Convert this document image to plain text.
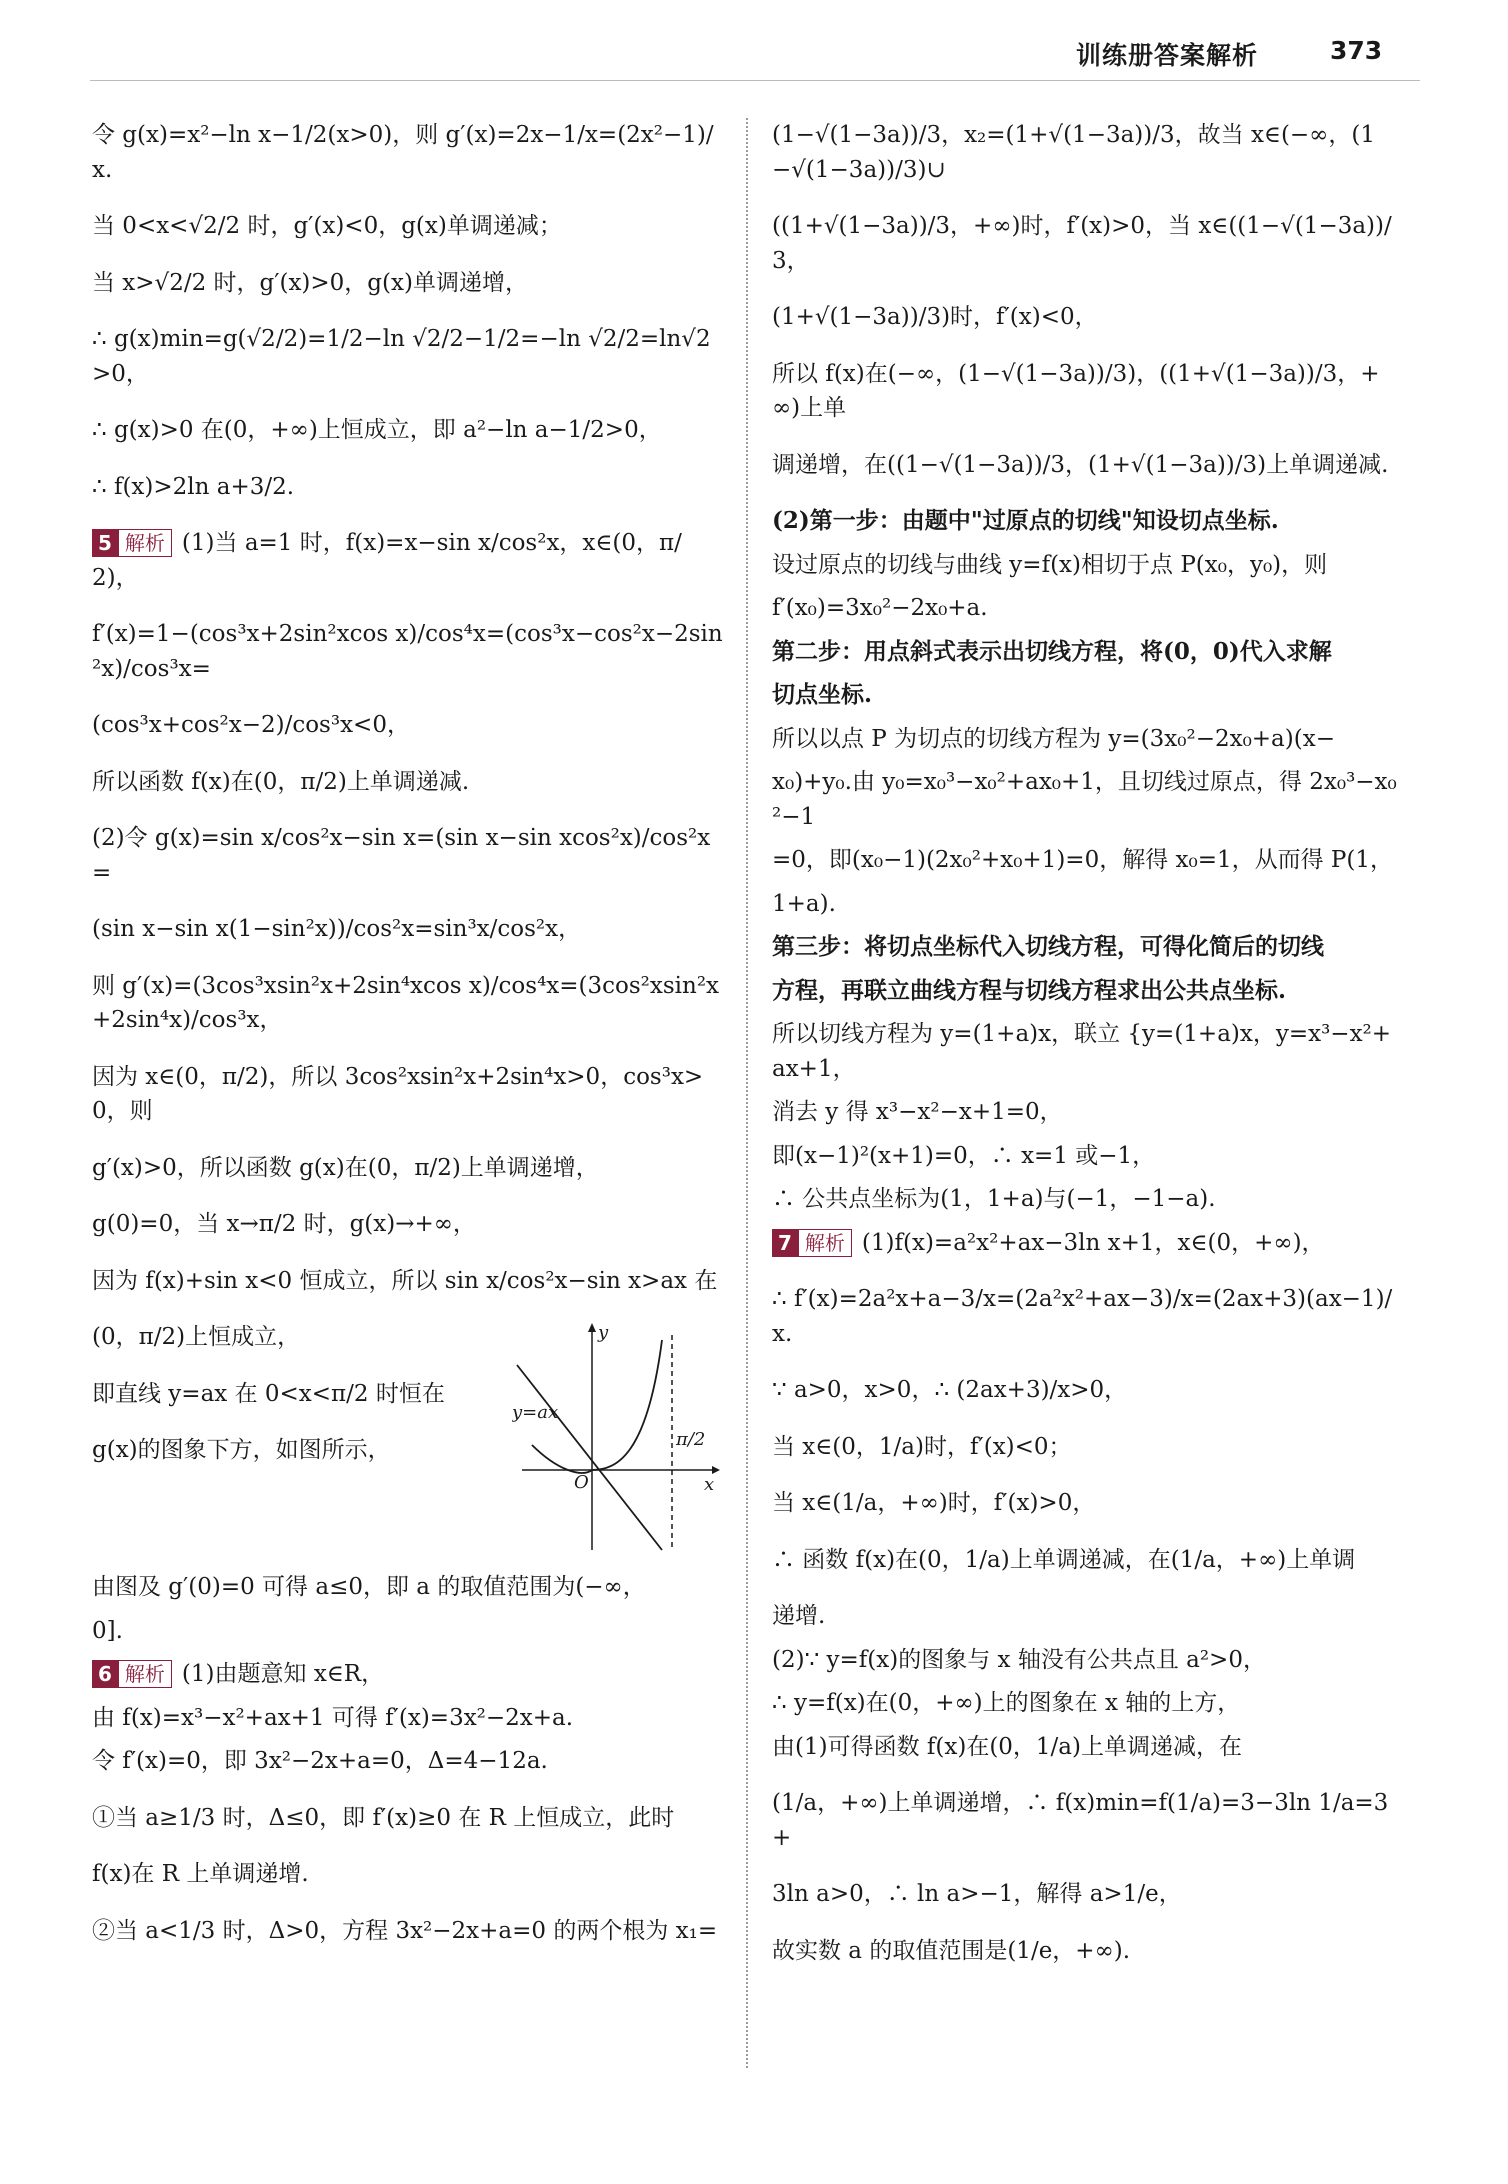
训练册答案解析	373

令 g(x)=x²−ln x−1/2(x>0)，则 g′(x)=2x−1/x=(2x²−1)/x.

当 0<x<√2/2 时，g′(x)<0，g(x)单调递减；

当 x>√2/2 时，g′(x)>0，g(x)单调递增，

∴ g(x)min=g(√2/2)=1/2−ln √2/2−1/2=−ln √2/2=ln√2>0，

∴ g(x)>0 在(0，+∞)上恒成立，即 a²−ln a−1/2>0，

∴ f(x)>2ln a+3/2.

5 解析 (1)当 a=1 时，f(x)=x−sin x/cos²x，x∈(0，π/2)，

f′(x)=1−(cos³x+2sin²xcos x)/cos⁴x=(cos³x−cos²x−2sin²x)/cos³x=

(cos³x+cos²x−2)/cos³x<0，

所以函数 f(x)在(0，π/2)上单调递减.

(2)令 g(x)=sin x/cos²x−sin x=(sin x−sin xcos²x)/cos²x=

(sin x−sin x(1−sin²x))/cos²x=sin³x/cos²x，

则 g′(x)=(3cos³xsin²x+2sin⁴xcos x)/cos⁴x=(3cos²xsin²x+2sin⁴x)/cos³x，

因为 x∈(0，π/2)，所以 3cos²xsin²x+2sin⁴x>0，cos³x>0，则

g′(x)>0，所以函数 g(x)在(0，π/2)上单调递增，

g(0)=0，当 x→π/2 时，g(x)→+∞，

因为 f(x)+sin x<0 恒成立，所以 sin x/cos²x−sin x>ax 在

(0，π/2)上恒成立，

即直线 y=ax 在 0<x<π/2 时恒在

g(x)的图象下方，如图所示，

y
x
O
y=ax
π/2

由图及 g′(0)=0 可得 a≤0，即 a 的取值范围为(−∞，

0].

6 解析 (1)由题意知 x∈R，

由 f(x)=x³−x²+ax+1 可得 f′(x)=3x²−2x+a.

令 f′(x)=0，即 3x²−2x+a=0，Δ=4−12a.

①当 a≥1/3 时，Δ≤0，即 f′(x)≥0 在 R 上恒成立，此时

f(x)在 R 上单调递增.

②当 a<1/3 时，Δ>0，方程 3x²−2x+a=0 的两个根为 x₁=

(1−√(1−3a))/3，x₂=(1+√(1−3a))/3，故当 x∈(−∞，(1−√(1−3a))/3)∪

((1+√(1−3a))/3，+∞)时，f′(x)>0，当 x∈((1−√(1−3a))/3，

(1+√(1−3a))/3)时，f′(x)<0，

所以 f(x)在(−∞，(1−√(1−3a))/3)，((1+√(1−3a))/3，+∞)上单

调递增，在((1−√(1−3a))/3，(1+√(1−3a))/3)上单调递减.

(2)第一步：由题中"过原点的切线"知设切点坐标.

设过原点的切线与曲线 y=f(x)相切于点 P(x₀，y₀)，则

f′(x₀)=3x₀²−2x₀+a.

第二步：用点斜式表示出切线方程，将(0，0)代入求解

切点坐标.

所以以点 P 为切点的切线方程为 y=(3x₀²−2x₀+a)(x−

x₀)+y₀.由 y₀=x₀³−x₀²+ax₀+1，且切线过原点，得 2x₀³−x₀²−1

=0，即(x₀−1)(2x₀²+x₀+1)=0，解得 x₀=1，从而得 P(1，

1+a).

第三步：将切点坐标代入切线方程，可得化简后的切线

方程，再联立曲线方程与切线方程求出公共点坐标.

所以切线方程为 y=(1+a)x，联立 {y=(1+a)x，y=x³−x²+ax+1，

消去 y 得 x³−x²−x+1=0，

即(x−1)²(x+1)=0，∴ x=1 或−1，

∴ 公共点坐标为(1，1+a)与(−1，−1−a).

7 解析 (1)f(x)=a²x²+ax−3ln x+1，x∈(0，+∞)，

∴ f′(x)=2a²x+a−3/x=(2a²x²+ax−3)/x=(2ax+3)(ax−1)/x.

∵ a>0，x>0，∴ (2ax+3)/x>0，

当 x∈(0，1/a)时，f′(x)<0；

当 x∈(1/a，+∞)时，f′(x)>0，

∴ 函数 f(x)在(0，1/a)上单调递减，在(1/a，+∞)上单调

递增.

(2)∵ y=f(x)的图象与 x 轴没有公共点且 a²>0，

∴ y=f(x)在(0，+∞)上的图象在 x 轴的上方，

由(1)可得函数 f(x)在(0，1/a)上单调递减，在

(1/a，+∞)上单调递增，∴ f(x)min=f(1/a)=3−3ln 1/a=3+

3ln a>0，∴ ln a>−1，解得 a>1/e，

故实数 a 的取值范围是(1/e，+∞).
